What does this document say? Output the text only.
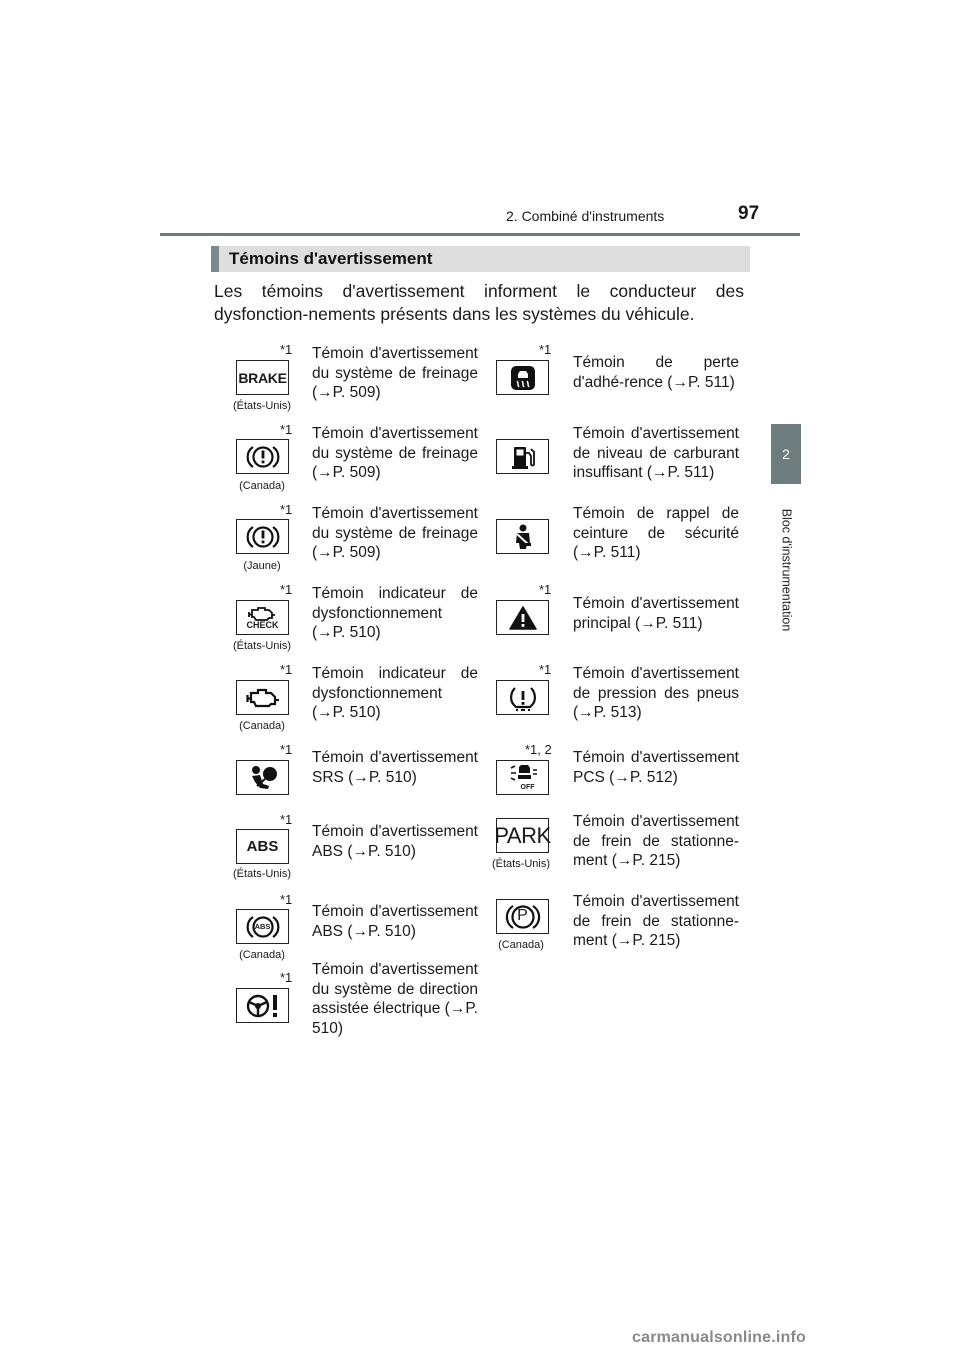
2. Combiné d'instruments	97
2
Bloc d'instrumentation
Témoins d'avertissement
Les témoins d'avertissement informent le conducteur des dysfonction-nements présents dans les systèmes du véhicule.
*1
BRAKE
(États-Unis)
Témoin d'avertissement du système de freinage (→P. 509)
*1
(Canada)
Témoin d'avertissement du système de freinage (→P. 509)
*1
(Jaune)
Témoin d'avertissement du système de freinage (→P. 509)
*1
CHECK
(États-Unis)
Témoin indicateur de dysfonctionnement (→P. 510)
*1
(Canada)
Témoin indicateur de dysfonctionnement (→P. 510)
*1 Témoin d'avertissement SRS (→P. 510)
*1
ABS
(États-Unis)
Témoin d'avertissement ABS (→P. 510)
*1
ABS
(Canada)
Témoin d'avertissement ABS (→P. 510)
*1 Témoin d'avertissement du système de direction assistée électrique (→P. 510)
*1
Témoin de perte d'adhé-rence (→P. 511)
Témoin d'avertissement de niveau de carburant insuffisant (→P. 511)
Témoin de rappel de ceinture de sécurité (→P. 511)
*1
Témoin d'avertissement principal (→P. 511)
*1 Témoin d'avertissement de pression des pneus (→P. 513)
*1, 2
OFF
Témoin d'avertissement PCS (→P. 512)
PARK
(États-Unis)
Témoin d'avertissement de frein de stationne-ment (→P. 215)
P
(Canada)
Témoin d'avertissement de frein de stationne-ment (→P. 215)
carmanualsonline.info
